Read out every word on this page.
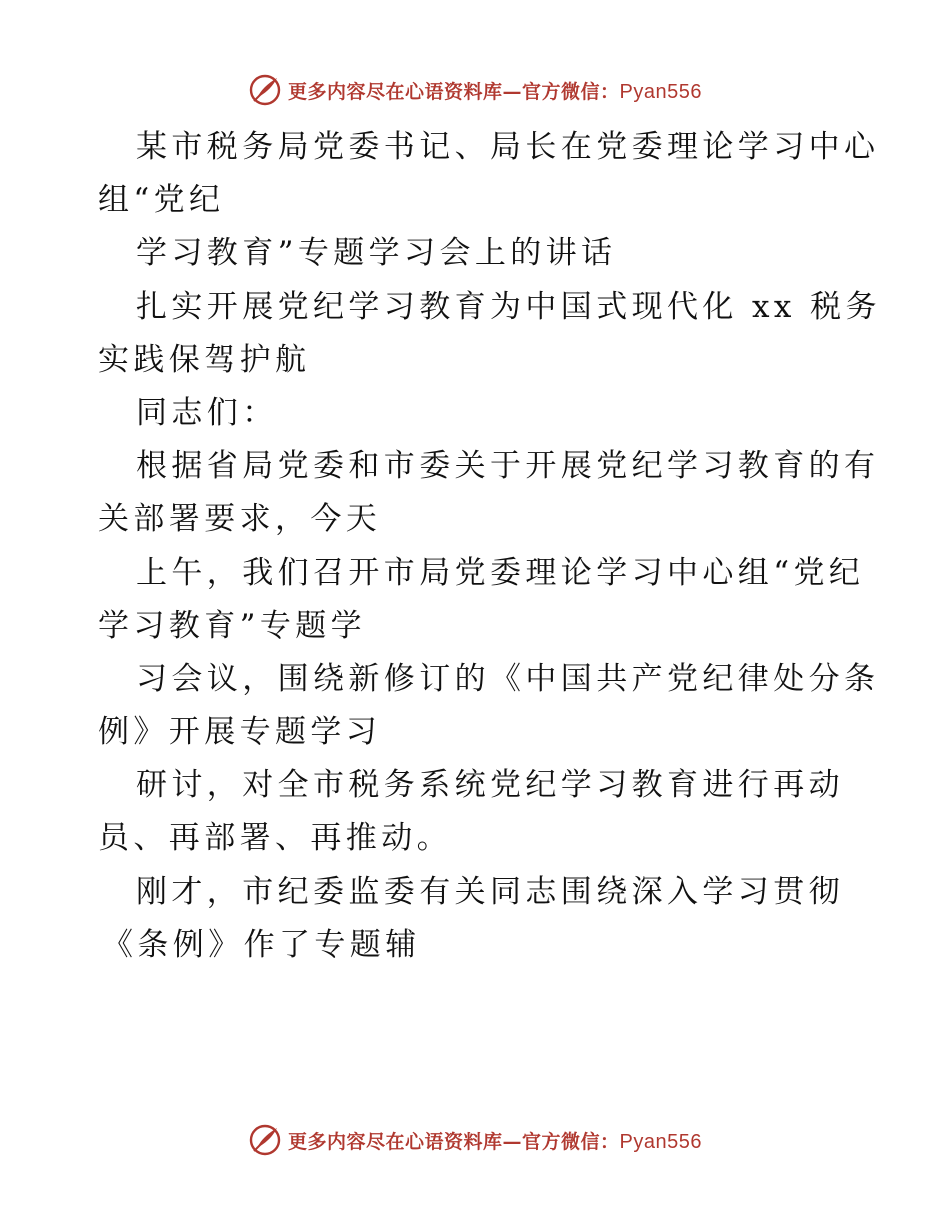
更多内容尽在心语资料库—官方微信：Pyan556
某市税务局党委书记、局长在党委理论学习中心
组“党纪
学习教育”专题学习会上的讲话
扎实开展党纪学习教育为中国式现代化 xx 税务
实践保驾护航
同志们：
根据省局党委和市委关于开展党纪学习教育的有
关部署要求，今天
上午，我们召开市局党委理论学习中心组“党纪
学习教育”专题学
习会议，围绕新修订的《中国共产党纪律处分条
例》开展专题学习
研讨，对全市税务系统党纪学习教育进行再动
员、再部署、再推动。
刚才，市纪委监委有关同志围绕深入学习贯彻
《条例》作了专题辅
更多内容尽在心语资料库—官方微信：Pyan556
